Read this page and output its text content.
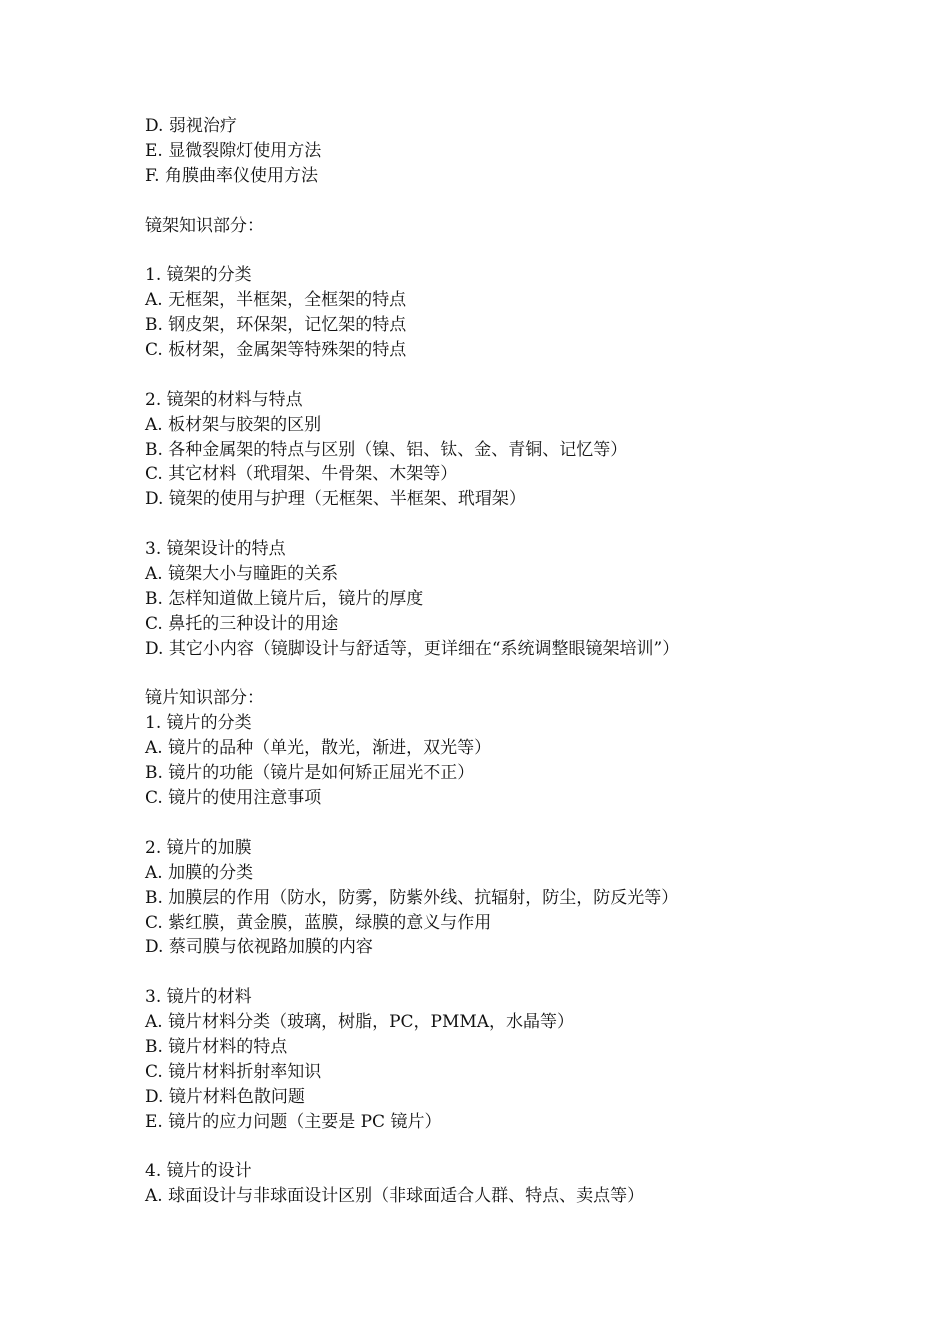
D. 弱视治疗
E. 显微裂隙灯使用方法
F. 角膜曲率仪使用方法
镜架知识部分：
1. 镜架的分类
A. 无框架，半框架，全框架的特点
B. 钢皮架，环保架，记忆架的特点
C. 板材架，金属架等特殊架的特点
2. 镜架的材料与特点
A. 板材架与胶架的区别
B. 各种金属架的特点与区别（镍、铝、钛、金、青铜、记忆等）
C. 其它材料（玳瑁架、牛骨架、木架等）
D. 镜架的使用与护理（无框架、半框架、玳瑁架）
3. 镜架设计的特点
A. 镜架大小与瞳距的关系
B. 怎样知道做上镜片后，镜片的厚度
C. 鼻托的三种设计的用途
D. 其它小内容（镜脚设计与舒适等，更详细在“系统调整眼镜架培训”）
镜片知识部分：
1. 镜片的分类
A. 镜片的品种（单光，散光，渐进，双光等）
B. 镜片的功能（镜片是如何矫正屈光不正）
C. 镜片的使用注意事项
2. 镜片的加膜
A. 加膜的分类
B. 加膜层的作用（防水，防雾，防紫外线、抗辐射，防尘，防反光等）
C. 紫红膜，黄金膜，蓝膜，绿膜的意义与作用
D. 蔡司膜与依视路加膜的内容
3. 镜片的材料
A. 镜片材料分类（玻璃，树脂，PC，PMMA，水晶等）
B. 镜片材料的特点
C. 镜片材料折射率知识
D. 镜片材料色散问题
E. 镜片的应力问题（主要是 PC 镜片）
4. 镜片的设计
A. 球面设计与非球面设计区别（非球面适合人群、特点、卖点等）
